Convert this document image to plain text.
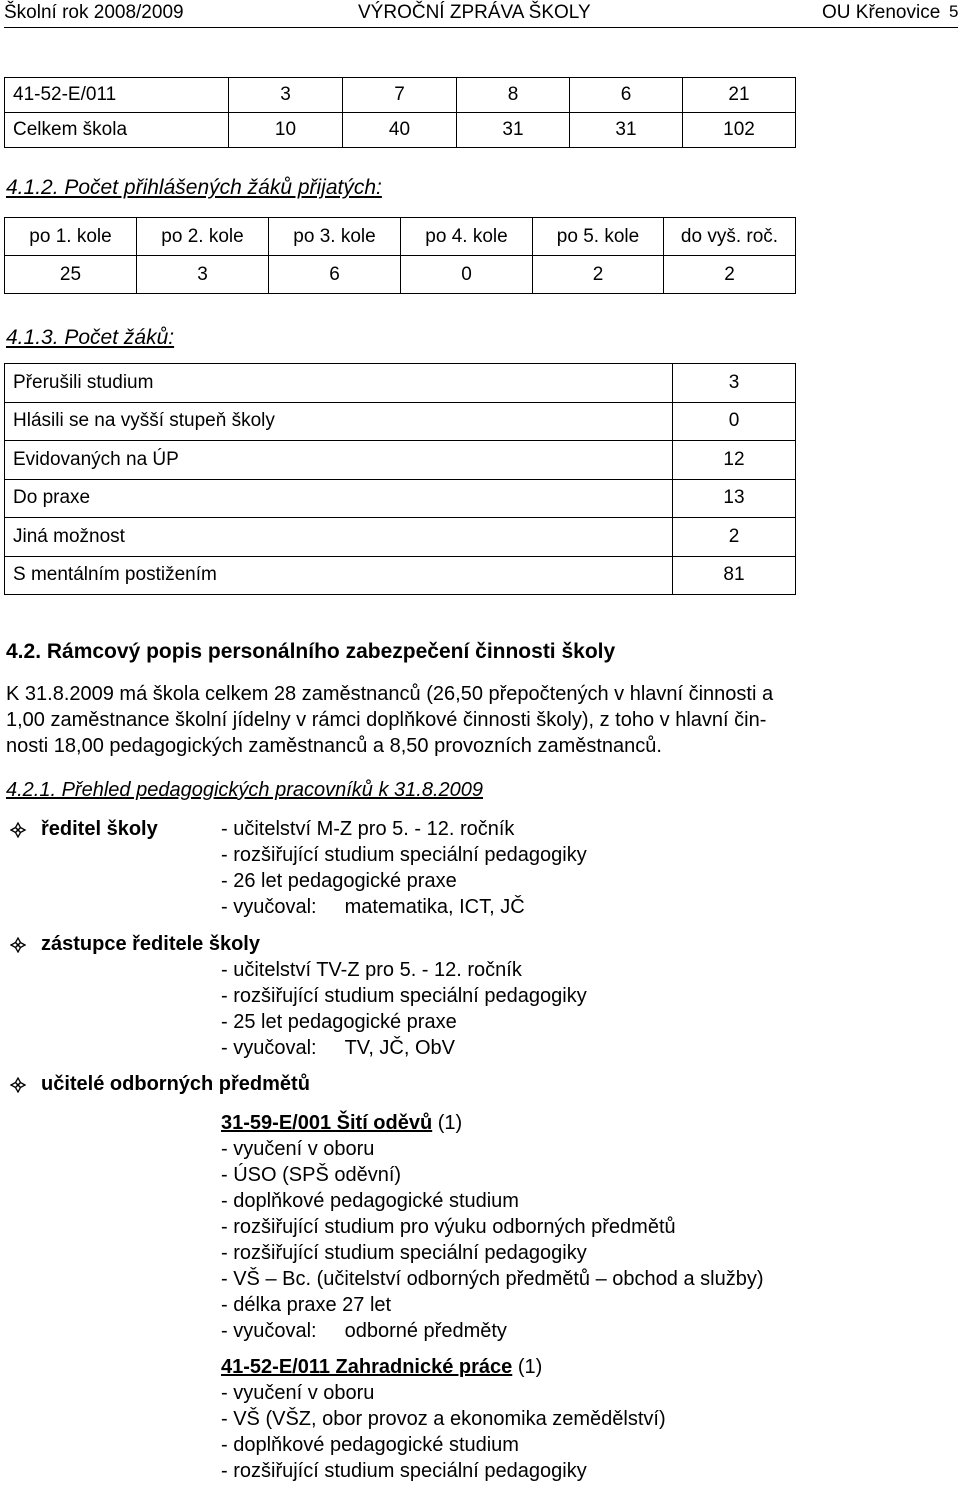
Školní rok 2008/2009	VÝROČNÍ ZPRÁVA ŠKOLY	OU Křenovice 5
41-52-E/011	3	7	8	6	21
Celkem škola	10	40	31	31	102
4.1.2. Počet přihlášených žáků přijatých:
po 1. kole	po 2. kole	po 3. kole	po 4. kole	po 5. kole	do vyš. roč.
25	3	6	0	2	2
4.1.3. Počet žáků:
Přerušili studium	3
Hlásili se na vyšší stupeň školy	0
Evidovaných na ÚP	12
Do praxe	13
Jiná možnost	2
S mentálním postižením	81
4.2. Rámcový popis personálního zabezpečení činnosti školy
K 31.8.2009 má škola celkem 28 zaměstnanců (26,50 přepočtených v hlavní činnosti a
1,00 zaměstnance školní jídelny v rámci doplňkové činnosti školy), z toho v hlavní čin-
nosti 18,00 pedagogických zaměstnanců a 8,50 provozních zaměstnanců.
4.2.1. Přehled pedagogických pracovníků k 31.8.2009
ředitel školy	- učitelství M-Z pro 5. - 12. ročník
- rozšiřující studium speciální pedagogiky
- 26 let pedagogické praxe
- vyučoval: matematika, ICT, JČ
zástupce ředitele školy
- učitelství TV-Z pro 5. - 12. ročník
- rozšiřující studium speciální pedagogiky
- 25 let pedagogické praxe
- vyučoval: TV, JČ, ObV
učitelé odborných předmětů
31-59-E/001 Šití oděvů (1)
- vyučení v oboru
- ÚSO (SPŠ oděvní)
- doplňkové pedagogické studium
- rozšiřující studium pro výuku odborných předmětů
- rozšiřující studium speciální pedagogiky
- VŠ – Bc. (učitelství odborných předmětů – obchod a služby)
- délka praxe 27 let
- vyučoval: odborné předměty
41-52-E/011 Zahradnické práce (1)
- vyučení v oboru
- VŠ (VŠZ, obor provoz a ekonomika zemědělství)
- doplňkové pedagogické studium
- rozšiřující studium speciální pedagogiky
